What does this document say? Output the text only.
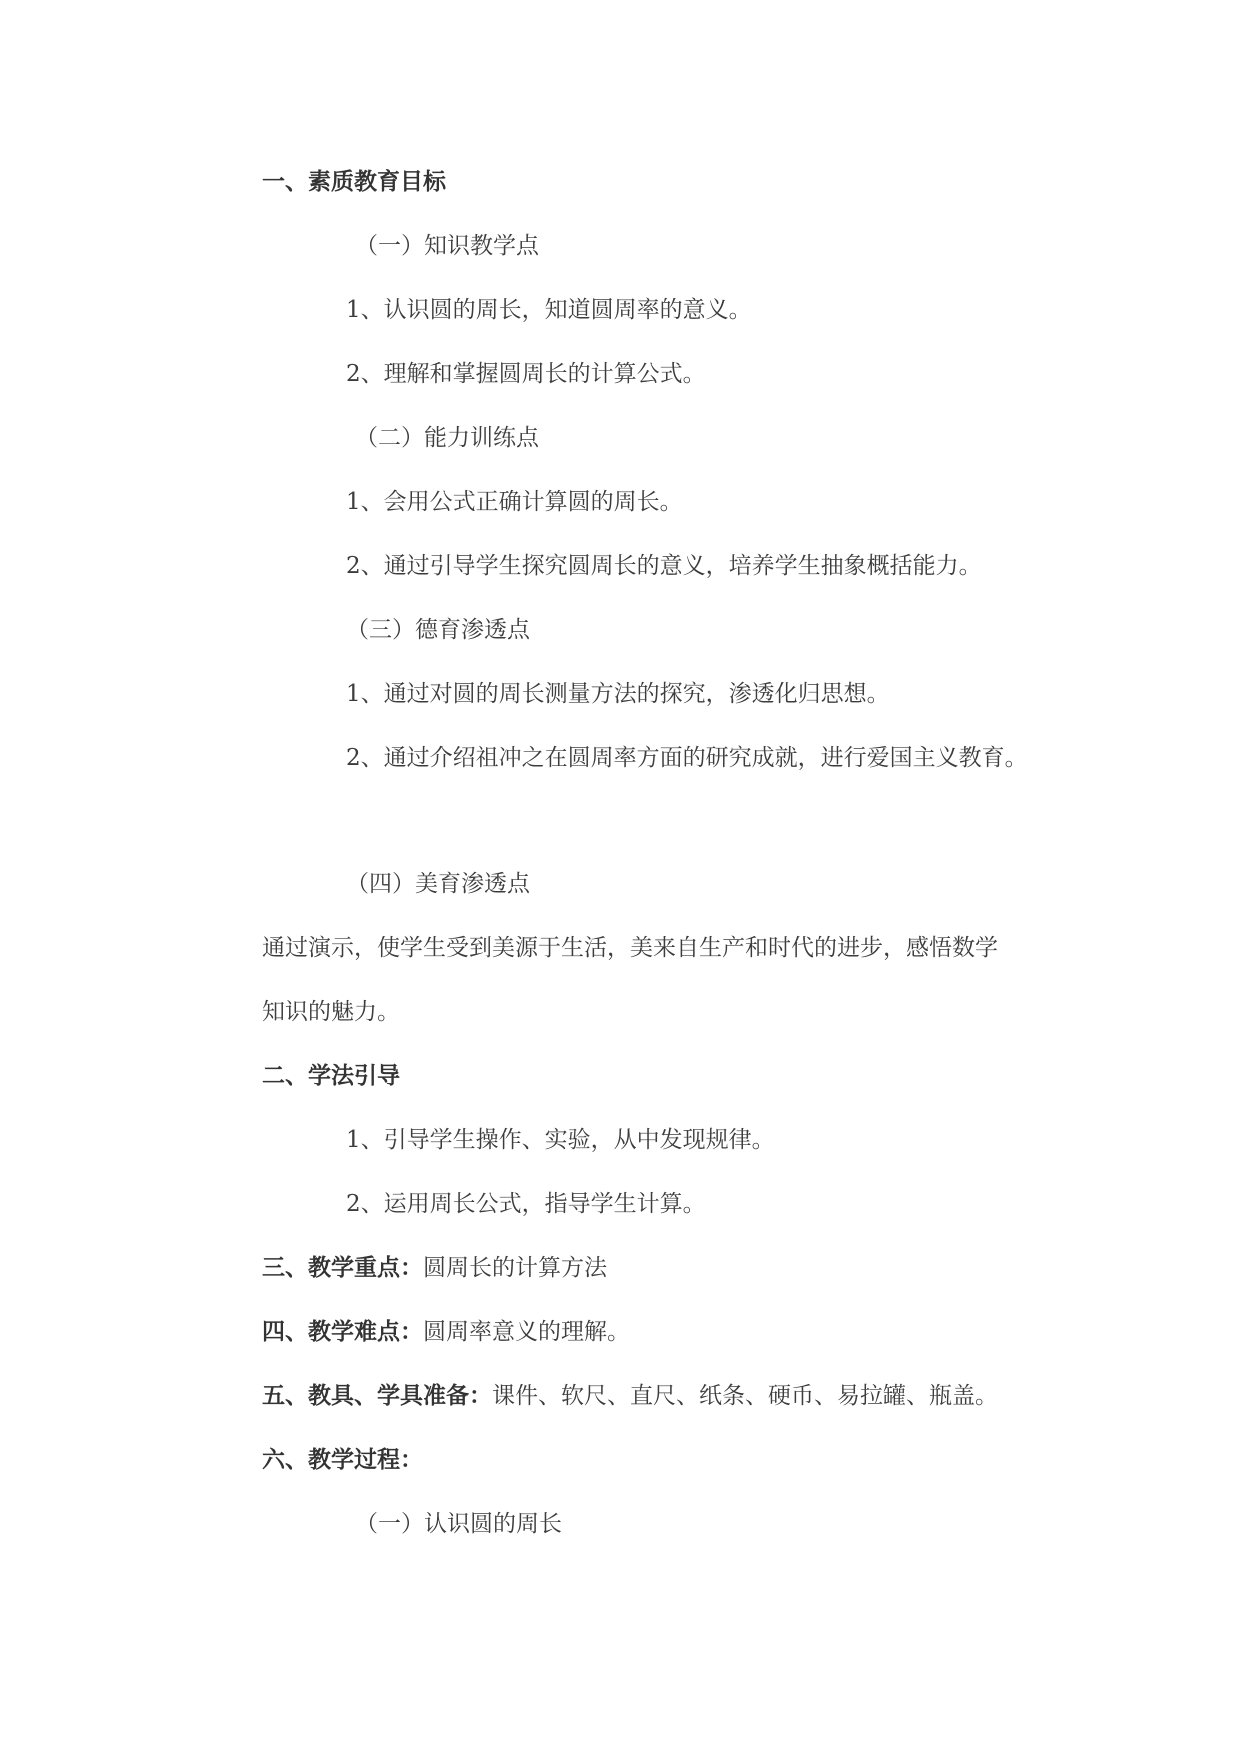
一、素质教育目标
（一）知识教学点
1、认识圆的周长，知道圆周率的意义。
2、理解和掌握圆周长的计算公式。
（二）能力训练点
1、会用公式正确计算圆的周长。
2、通过引导学生探究圆周长的意义，培养学生抽象概括能力。
（三）德育渗透点
1、通过对圆的周长测量方法的探究，渗透化归思想。
2、通过介绍祖冲之在圆周率方面的研究成就，进行爱国主义教育。
（四）美育渗透点
通过演示，使学生受到美源于生活，美来自生产和时代的进步，感悟数学
知识的魅力。
二、学法引导
1、引导学生操作、实验，从中发现规律。
2、运用周长公式，指导学生计算。
三、教学重点：圆周长的计算方法
四、教学难点：圆周率意义的理解。
五、教具、学具准备：课件、软尺、直尺、纸条、硬币、易拉罐、瓶盖。
六、教学过程：
（一）认识圆的周长
